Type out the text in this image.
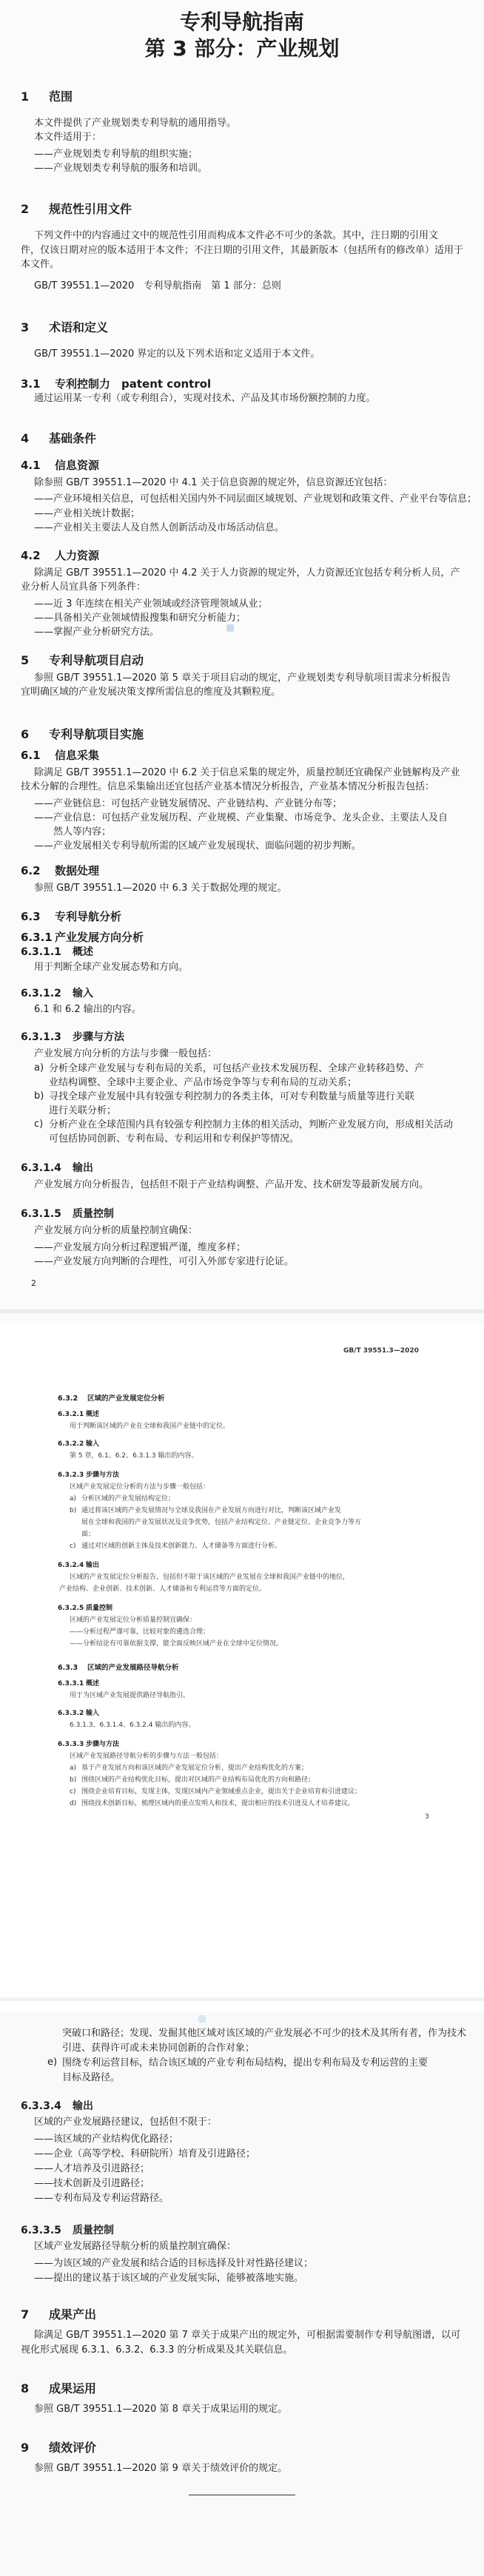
专利导航指南
第 3 部分：产业规划
1 范围
本文件提供了产业规划类专利导航的通用指导。
本文件适用于：
——产业规划类专利导航的组织实施；
——产业规划类专利导航的服务和培训。
2 规范性引用文件
下列文件中的内容通过文中的规范性引用而构成本文件必不可少的条款。其中，注日期的引用文
件，仅该日期对应的版本适用于本文件；不注日期的引用文件，其最新版本（包括所有的修改单）适用于
本文件。
GB/T 39551.1—2020　专利导航指南　第 1 部分：总则
3 术语和定义
GB/T 39551.1—2020 界定的以及下列术语和定义适用于本文件。
3.1 专利控制力　 patent control
通过运用某一专利（或专利组合），实现对技术、产品及其市场份额控制的力度。
4 基础条件
4.1 信息资源
除参照 GB/T 39551.1—2020 中 4.1 关于信息资源的规定外，信息资源还宜包括：
——产业环境相关信息，可包括相关国内外不同层面区域规划、产业规划和政策文件、产业平台等信息；
——产业相关统计数据；
——产业相关主要法人及自然人创新活动及市场活动信息。
4.2 人力资源
除满足 GB/T 39551.1—2020 中 4.2 关于人力资源的规定外，人力资源还宜包括专利分析人员，产
业分析人员宜具备下列条件：
——近 3 年连续在相关产业领域或经济管理领域从业；
——具备相关产业领域情报搜集和研究分析能力；
——掌握产业分析研究方法。
5 专利导航项目启动
参照 GB/T 39551.1—2020 第 5 章关于项目启动的规定，产业规划类专利导航项目需求分析报告
宜明确区域的产业发展决策支撑所需信息的维度及其颗粒度。
6 专利导航项目实施
6.1 信息采集
除满足 GB/T 39551.1—2020 中 6.2 关于信息采集的规定外，质量控制还宜确保产业链解构及产业
技术分解的合理性。信息采集输出还宜包括产业基本情况分析报告，产业基本情况分析报告包括：
——产业链信息：可包括产业链发展情况、产业链结构、产业链分布等；
——产业信息：可包括产业发展历程、产业规模、产业集聚、市场竞争、龙头企业、主要法人及自
　　然人等内容；
——产业发展相关专利导航所需的区域产业发展现状、面临问题的初步判断。
6.2 数据处理
参照 GB/T 39551.1—2020 中 6.3 关于数据处理的规定。
6.3 专利导航分析
6.3.1 产业发展方向分析
6.3.1.1 概述
用于判断全球产业发展态势和方向。
6.3.1.2 输入
6.1 和 6.2 输出的内容。
6.3.1.3 步骤与方法
产业发展方向分析的方法与步骤一般包括：
a) 分析全球产业发展与专利布局的关系，可包括产业技术发展历程、全球产业转移趋势、产
业结构调整、全球中主要企业、产品市场竞争等与专利布局的互动关系；
b) 寻找全球产业发展中具有较强专利控制力的各类主体，可对专利数量与质量等进行关联
进行关联分析；
c) 分析产业在全球范围内具有较强专利控制力主体的相关活动，判断产业发展方向，形成相关活动
可包括协同创新、专利布局、专利运用和专利保护等情况。
6.3.1.4 输出
产业发展方向分析报告，包括但不限于产业结构调整、产品开发、技术研发等最新发展方向。
6.3.1.5 质量控制
产业发展方向分析的质量控制宜确保：
——产业发展方向分析过程逻辑严谨，维度多样；
——产业发展方向判断的合理性，可引入外部专家进行论证。
2
GB/T 39551.3—2020
6.3.2 区域的产业发展定位分析
6.3.2.1 概述
用于判断该区域的产业在全球和我国产业链中的定位。
6.3.2.2 输入
第 5 章，6.1、6.2、6.3.1.3 输出的内容。
6.3.2.3 步骤与方法
区域产业发展定位分析的方法与步骤一般包括：
a) 分析区域的产业发展结构定位；
b) 通过将该区域的产业发展情况与全球及我国在产业发展方向进行对比，判断该区域产业发
展在全球和我国的产业发展状况及竞争优势，包括产业结构定位、产业链定位、企业竞争力等方
面；
c) 通过对区域的创新主体及技术创新能力、人才储备等方面进行分析。
6.3.2.4 输出
区域的产业发展定位分析报告，包括但不限于该区域的产业发展在全球和我国产业链中的地位，
产业结构、企业创新、技术创新、人才储备和专利运营等方面的定位。
6.3.2.5 质量控制
区域的产业发展定位分析质量控制宜确保：
——分析过程严谨可靠，比较对象的遴选合理；
——分析结论有可靠依据支撑，能全面反映区域产业在全球中定位情况。
6.3.3 区域的产业发展路径导航分析
6.3.3.1 概述
用于为区域产业发展提供路径导航指引。
6.3.3.2 输入
6.3.1.3、6.3.1.4、6.3.2.4 输出的内容。
6.3.3.3 步骤与方法
区域产业发展路径导航分析的步骤与方法一般包括：
a) 基于产业发展方向和该区域的产业发展定位分析，提出产业结构优化的方案；
b) 围绕区域的产业结构优化目标，提出对区域的产业结构布局优化的方向和路径；
c) 围绕企业培育目标，发现主体，发现区域内产业领域重点企业，提出关于企业培育和引进建议；
d) 围绕技术创新目标，梳理区域内的重点发明人和技术，提出相应的技术引进及人才培养建议。
3
突破口和路径；发现、发掘其他区域对该区域的产业发展必不可少的技术及其所有者，作为技术
引进、获得许可或未来协同创新的合作对象；
e) 围绕专利运营目标，结合该区域的产业专利布局结构，提出专利布局及专利运营的主要
目标及路径。
6.3.3.4 输出
区域的产业发展路径建议，包括但不限于：
——该区域的产业结构优化路径；
——企业（高等学校、科研院所）培育及引进路径；
——人才培养及引进路径；
——技术创新及引进路径；
——专利布局及专利运营路径。
6.3.3.5 质量控制
区域产业发展路径导航分析的质量控制宜确保：
——为该区域的产业发展和结合适的目标选择及针对性路径建议；
——提出的建议基于该区域的产业发展实际，能够被落地实施。
7 成果产出
除满足 GB/T 39551.1—2020 第 7 章关于成果产出的规定外，可根据需要制作专利导航图谱，以可
视化形式展现 6.3.1、6.3.2、6.3.3 的分析成果及其关联信息。
8 成果运用
参照 GB/T 39551.1—2020 第 8 章关于成果运用的规定。
9 绩效评价
参照 GB/T 39551.1—2020 第 9 章关于绩效评价的规定。
